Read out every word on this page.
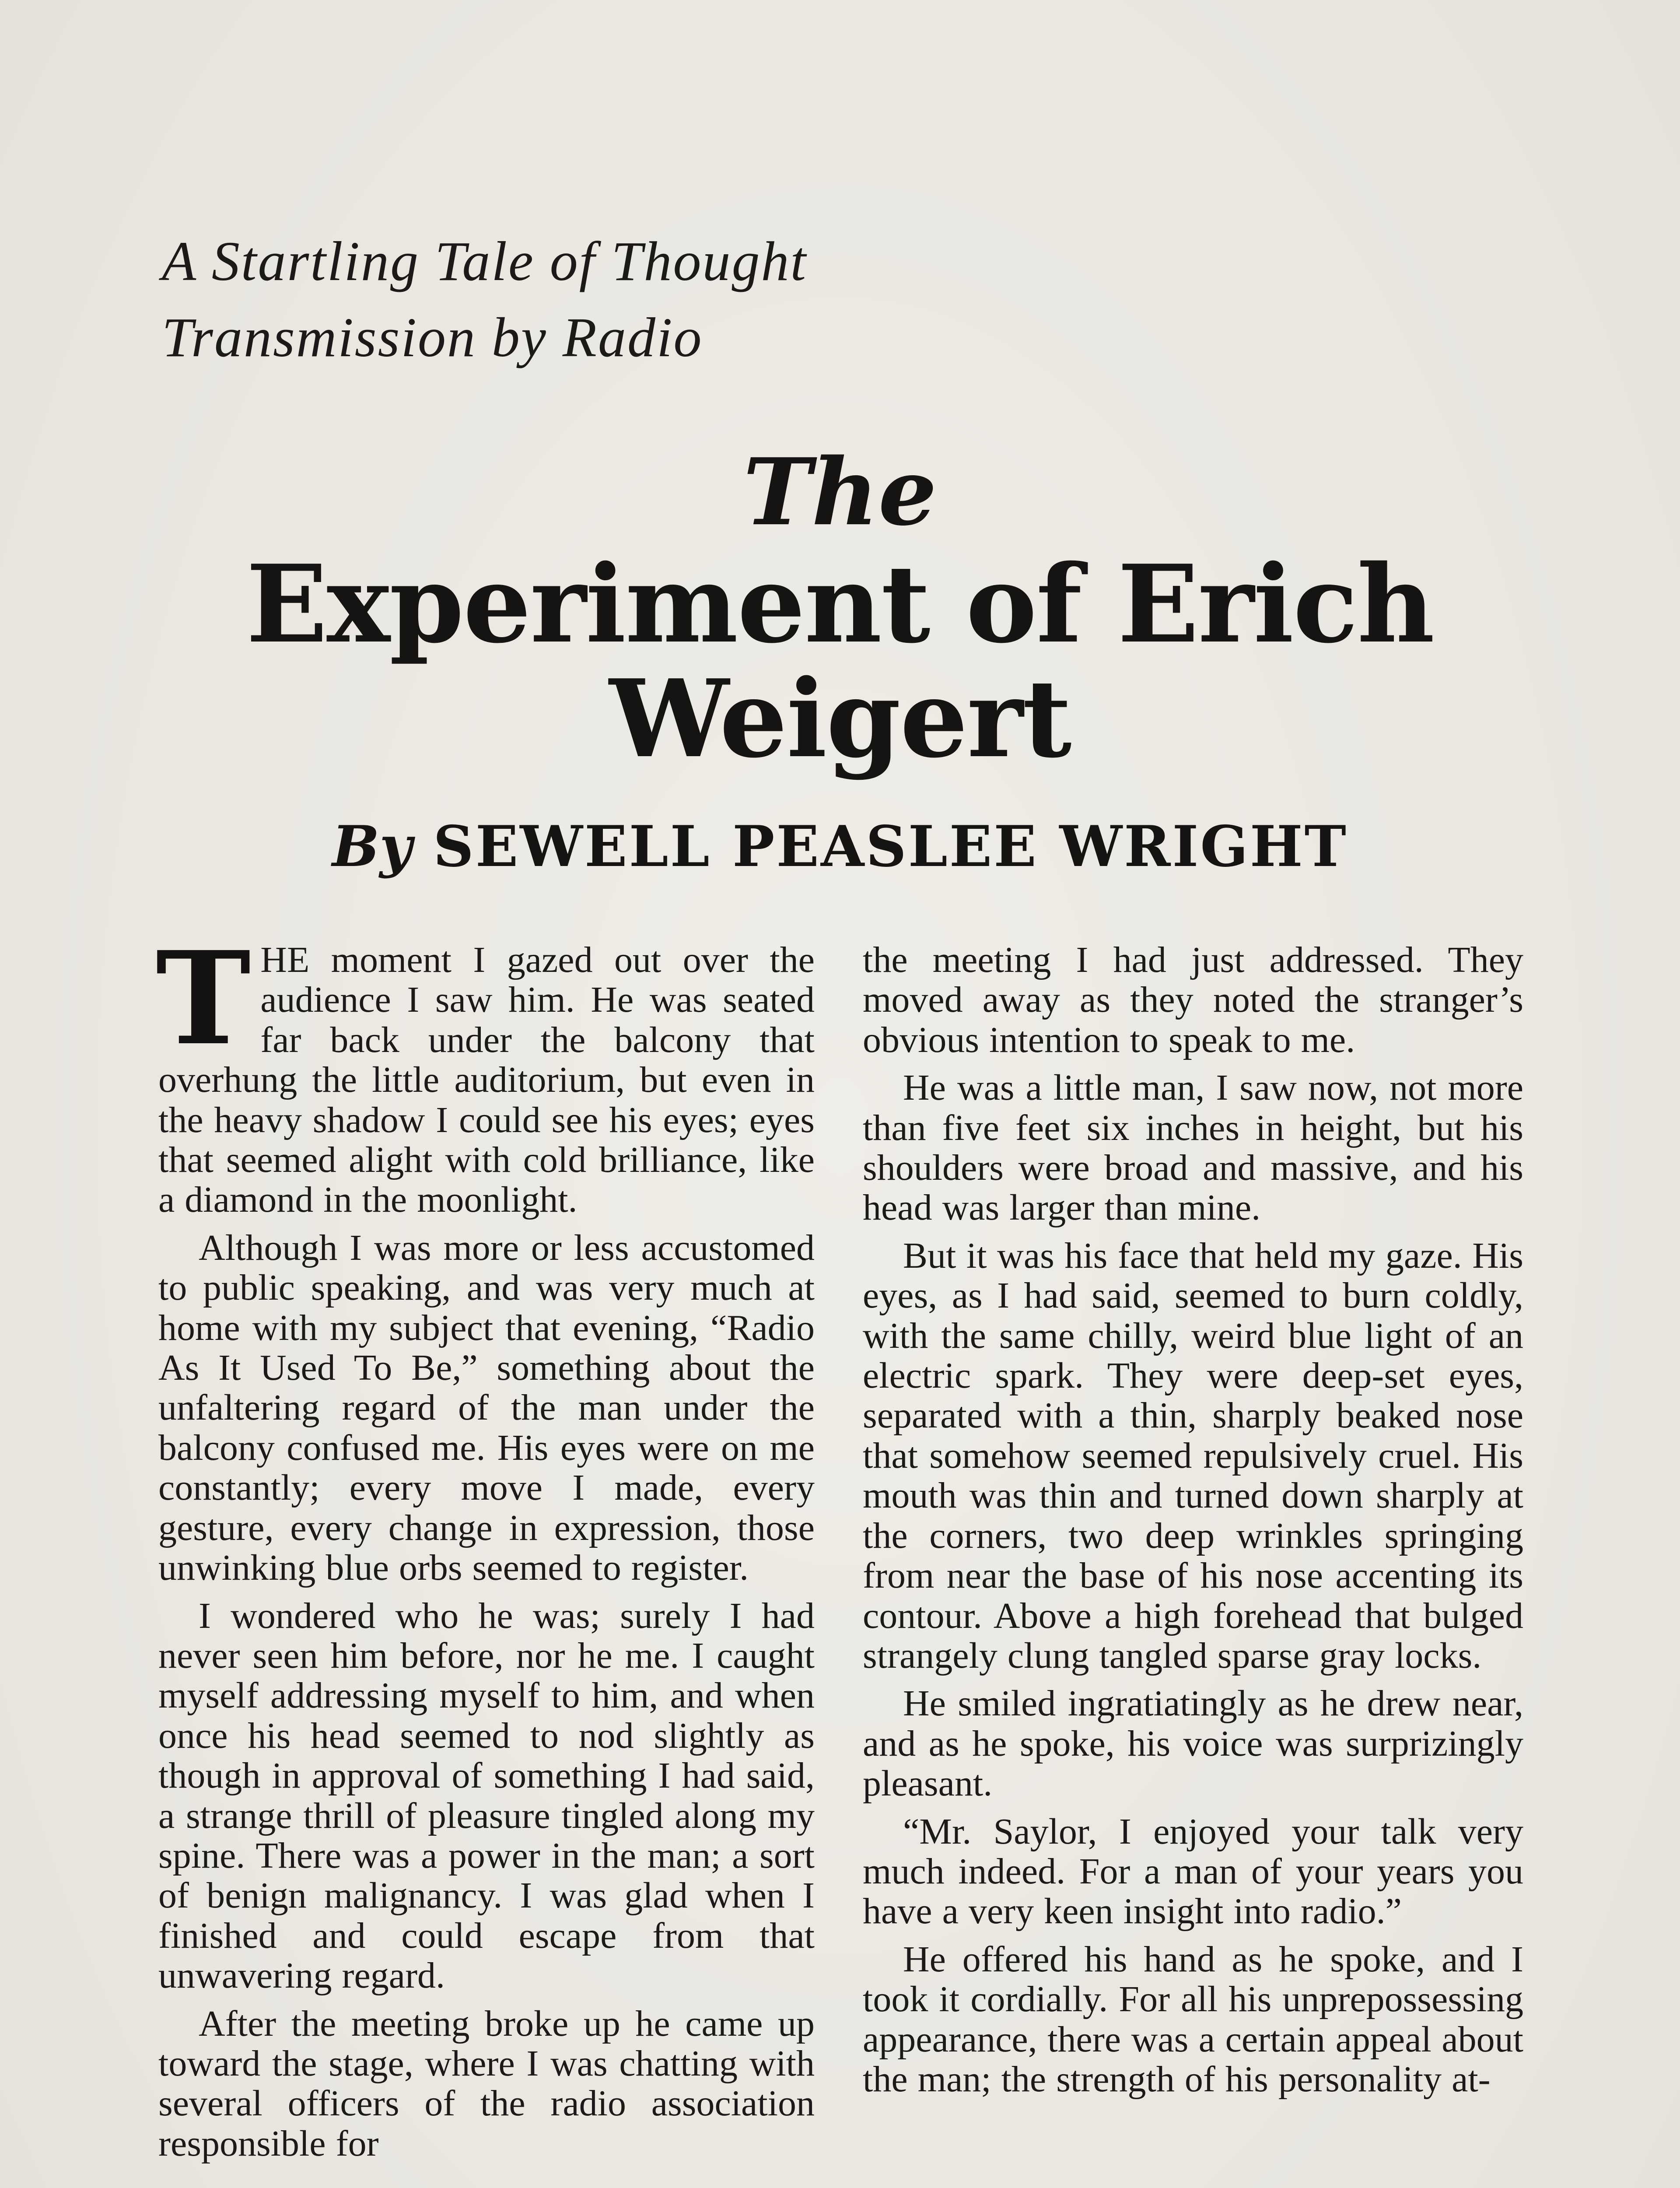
A Startling Tale of Thought
Transmission by Radio
The
Experiment of Erich
Weigert
By SEWELL PEASLEE WRIGHT

THE moment I gazed out over the audience I saw him. He was seated far back under the balcony that overhung the little auditorium, but even in the heavy shadow I could see his eyes; eyes that seemed alight with cold brilliance, like a diamond in the moonlight.

Although I was more or less accustomed to public speaking, and was very much at home with my subject that evening, “Radio As It Used To Be,” something about the unfaltering regard of the man under the balcony confused me. His eyes were on me constantly; every move I made, every gesture, every change in expression, those unwinking blue orbs seemed to register.

I wondered who he was; surely I had never seen him before, nor he me. I caught myself addressing myself to him, and when once his head seemed to nod slightly as though in approval of something I had said, a strange thrill of pleasure tingled along my spine. There was a power in the man; a sort of benign malignancy. I was glad when I finished and could escape from that unwavering regard.

After the meeting broke up he came up toward the stage, where I was chatting with several officers of the radio association responsible for

the meeting I had just addressed. They moved away as they noted the stranger’s obvious intention to speak to me.

He was a little man, I saw now, not more than five feet six inches in height, but his shoulders were broad and massive, and his head was larger than mine.

But it was his face that held my gaze. His eyes, as I had said, seemed to burn coldly, with the same chilly, weird blue light of an electric spark. They were deep-set eyes, separated with a thin, sharply beaked nose that somehow seemed repulsively cruel. His mouth was thin and turned down sharply at the corners, two deep wrinkles springing from near the base of his nose accenting its contour. Above a high forehead that bulged strangely clung tangled sparse gray locks.

He smiled ingratiatingly as he drew near, and as he spoke, his voice was surprizingly pleasant.

“Mr. Saylor, I enjoyed your talk very much indeed. For a man of your years you have a very keen insight into radio.”

He offered his hand as he spoke, and I took it cordially. For all his unprepossessing appearance, there was a certain appeal about the man; the strength of his personality at-
